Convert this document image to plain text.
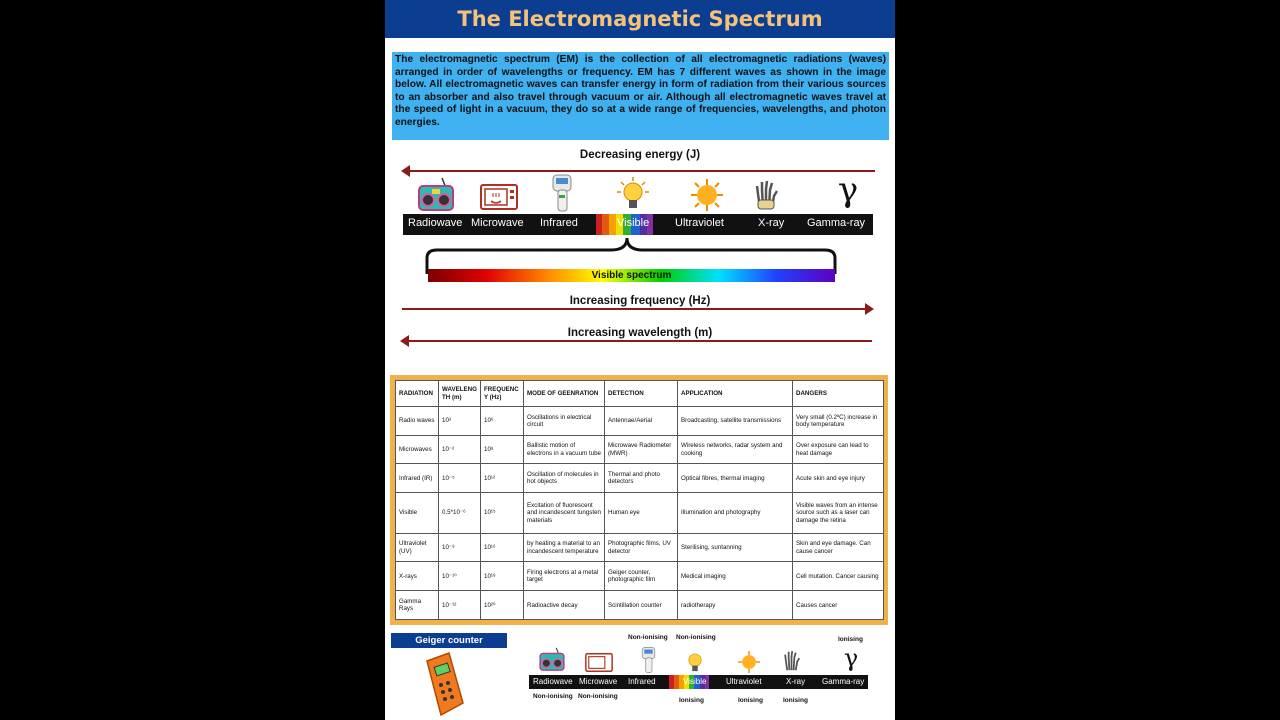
The Electromagnetic Spectrum
The electromagnetic spectrum (EM) is the collection of all electromagnetic radiations (waves) arranged in order of wavelengths or frequency. EM has 7 different waves as shown in the image below. All electromagnetic waves can transfer energy in form of radiation from their various sources to an absorber and also travel through vacuum or air. Although all electromagnetic waves travel at the speed of light in a vacuum, they do so at a wide range of frequencies, wavelengths, and photon energies.
Decreasing energy (J)
γ
Radiowave Microwave Infrared	Visible Ultraviolet	X-ray Gamma-ray
Visible spectrum
Increasing frequency (Hz)
Increasing wavelength (m)
RADIATION	WAVELENG TH (m)	FREQUENC Y (Hz)	MODE OF GEENRATION	DETECTION	APPLICATION	DANGERS
Radio waves	10³	10⁶	Oscillations in electrical circuit	Antennae/Aerial	Broadcasting, satellite transmissions	Very small (0.2ºC) increase in body temperature
Microwaves	10⁻²	10⁸	Ballistic motion of electrons in a vacuum tube	Microwave Radiometer (MWR)	Wireless networks, radar system and cooking	Over exposure can lead to heat damage
Infrared (IR)	10⁻⁵	10¹²	Oscillation of molecules in hot objects	Thermal and photo detectors	Optical fibres, thermal imaging	Acute skin and eye injury
Visible	0.5*10⁻⁶	10¹⁵	Excitation of fluorescent and incandescent tungsten materials	Human eye	Illumination and photography	Visible waves from an intense source such as a laser can damage the retina
Ultraviolet (UV)	10⁻⁸	10¹⁶	by heating a material to an incandescent temperature	Photographic films, UV detector	Sterilising, suntanning	Skin and eye damage. Can cause cancer
X-rays	10⁻¹⁰	10¹⁸	Firing electrons at a metal target	Geiger counter, photographic film	Medical imaging	Cell mutation. Cancer causing
Gamma Rays	10⁻¹²	10²⁰	Radioactive decay	Scintillation counter	radiotherapy	Causes cancer
Geiger counter	Non-ionising Non-ionising	Ionising
γ
Radiowave Microwave Infrared	Visible Ultraviolet	X-ray Gamma-ray
Non-ionising Non-ionising
Ionising	Ionising	Ionising
